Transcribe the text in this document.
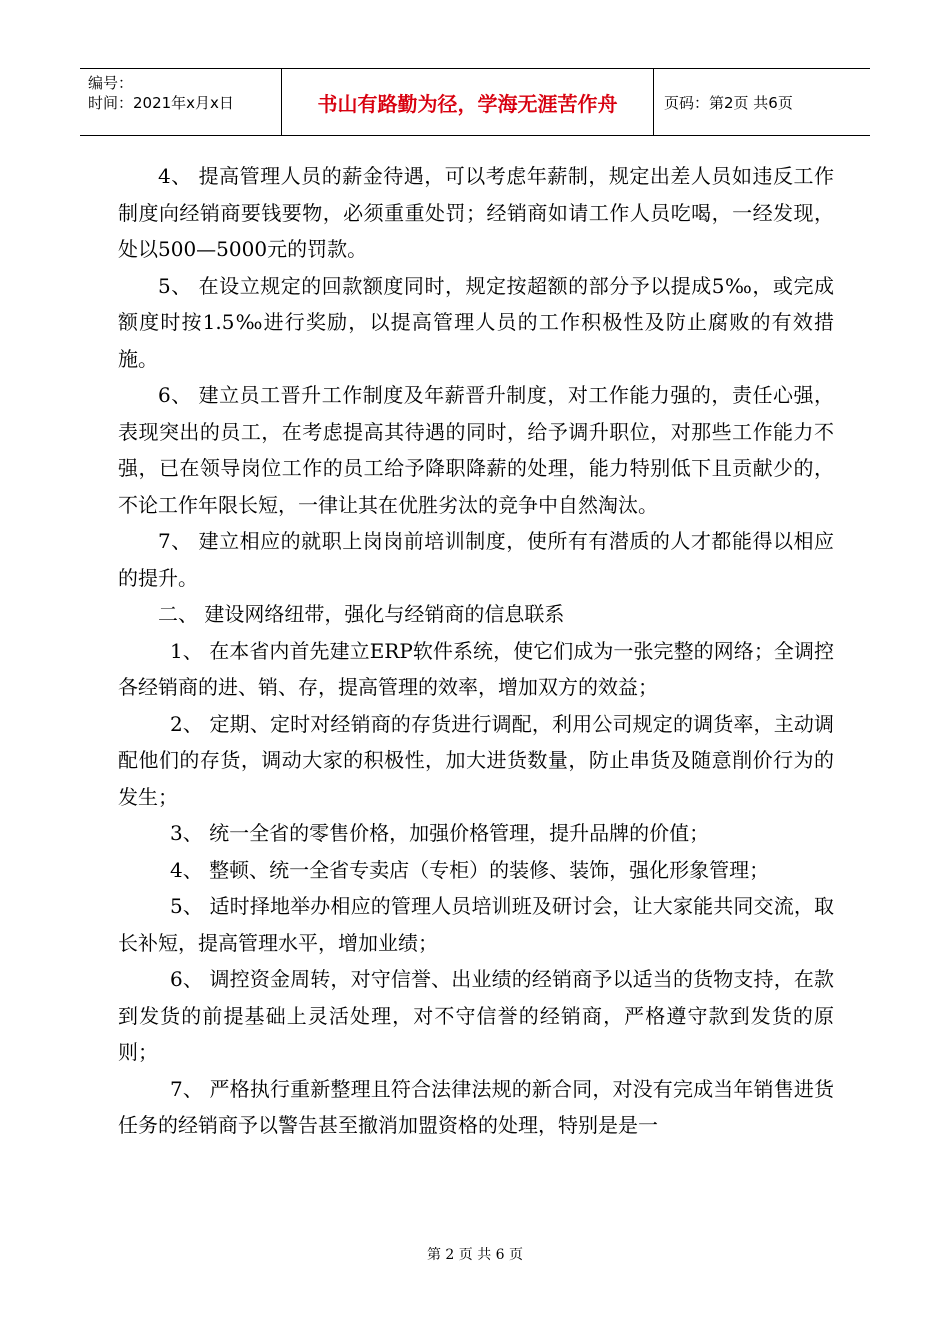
编号：
时间：2021年x月x日	书山有路勤为径，学海无涯苦作舟	页码：第2页 共6页

4、 提高管理人员的薪金待遇，可以考虑年薪制，规定出差人员如违反工作制度向经销商要钱要物，必须重重处罚；经销商如请工作人员吃喝，一经发现，处以500—5000元的罚款。

5、 在设立规定的回款额度同时，规定按超额的部分予以提成5‰，或完成额度时按1.5‰进行奖励，以提高管理人员的工作积极性及防止腐败的有效措施。

6、 建立员工晋升工作制度及年薪晋升制度，对工作能力强的，责任心强，表现突出的员工，在考虑提高其待遇的同时，给予调升职位，对那些工作能力不强，已在领导岗位工作的员工给予降职降薪的处理，能力特别低下且贡献少的，不论工作年限长短，一律让其在优胜劣汰的竞争中自然淘汰。

7、 建立相应的就职上岗岗前培训制度，使所有有潜质的人才都能得以相应的提升。

二、 建设网络纽带，强化与经销商的信息联系

1、 在本省内首先建立ERP软件系统，使它们成为一张完整的网络；全调控各经销商的进、销、存，提高管理的效率，增加双方的效益；

2、 定期、定时对经销商的存货进行调配，利用公司规定的调货率，主动调配他们的存货，调动大家的积极性，加大进货数量，防止串货及随意削价行为的发生；

3、 统一全省的零售价格，加强价格管理，提升品牌的价值；

4、 整顿、统一全省专卖店（专柜）的装修、装饰，强化形象管理；

5、 适时择地举办相应的管理人员培训班及研讨会，让大家能共同交流，取长补短，提高管理水平，增加业绩；

6、 调控资金周转，对守信誉、出业绩的经销商予以适当的货物支持，在款到发货的前提基础上灵活处理，对不守信誉的经销商，严格遵守款到发货的原则；

7、 严格执行重新整理且符合法律法规的新合同，对没有完成当年销售进货任务的经销商予以警告甚至撤消加盟资格的处理，特别是是一

第 2 页 共 6 页
